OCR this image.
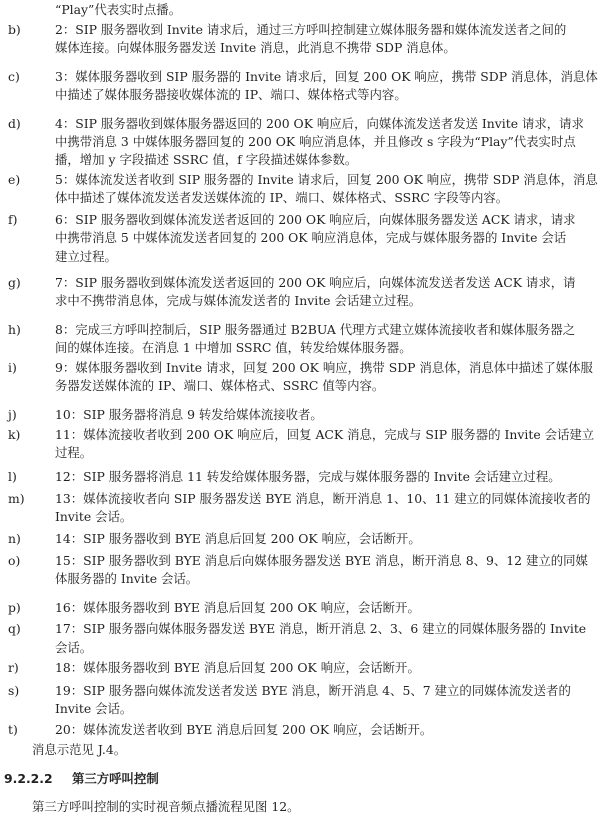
“Play”代表实时点播。
b)	2：SIP 服务器收到 Invite 请求后，通过三方呼叫控制建立媒体服务器和媒体流发送者之间的
媒体连接。向媒体服务器发送 Invite 消息，此消息不携带 SDP 消息体。
c)	3：媒体服务器收到 SIP 服务器的 Invite 请求后，回复 200 OK 响应，携带 SDP 消息体，消息体
中描述了媒体服务器接收媒体流的 IP、端口、媒体格式等内容。
d)	4：SIP 服务器收到媒体服务器返回的 200 OK 响应后，向媒体流发送者发送 Invite 请求，请求
中携带消息 3 中媒体服务器回复的 200 OK 响应消息体，并且修改 s 字段为“Play”代表实时点
播，增加 y 字段描述 SSRC 值，f 字段描述媒体参数。
e)	5：媒体流发送者收到 SIP 服务器的 Invite 请求后，回复 200 OK 响应，携带 SDP 消息体，消息
体中描述了媒体流发送者发送媒体流的 IP、端口、媒体格式、SSRC 字段等内容。
f)	6：SIP 服务器收到媒体流发送者返回的 200 OK 响应后，向媒体服务器发送 ACK 请求，请求
中携带消息 5 中媒体流发送者回复的 200 OK 响应消息体，完成与媒体服务器的 Invite 会话
建立过程。
g)	7：SIP 服务器收到媒体流发送者返回的 200 OK 响应后，向媒体流发送者发送 ACK 请求，请
求中不携带消息体，完成与媒体流发送者的 Invite 会话建立过程。
h)	8：完成三方呼叫控制后，SIP 服务器通过 B2BUA 代理方式建立媒体流接收者和媒体服务器之
间的媒体连接。在消息 1 中增加 SSRC 值，转发给媒体服务器。
i)	9：媒体服务器收到 Invite 请求，回复 200 OK 响应，携带 SDP 消息体，消息体中描述了媒体服
务器发送媒体流的 IP、端口、媒体格式、SSRC 值等内容。
j)	10：SIP 服务器将消息 9 转发给媒体流接收者。
k)	11：媒体流接收者收到 200 OK 响应后，回复 ACK 消息，完成与 SIP 服务器的 Invite 会话建立
过程。
l)	12：SIP 服务器将消息 11 转发给媒体服务器，完成与媒体服务器的 Invite 会话建立过程。
m) 13：媒体流接收者向 SIP 服务器发送 BYE 消息，断开消息 1、10、11 建立的同媒体流接收者的
Invite 会话。
n)	14：SIP 服务器收到 BYE 消息后回复 200 OK 响应，会话断开。
o)	15：SIP 服务器收到 BYE 消息后向媒体服务器发送 BYE 消息，断开消息 8、9、12 建立的同媒
体服务器的 Invite 会话。
p)	16：媒体服务器收到 BYE 消息后回复 200 OK 响应，会话断开。
q)	17：SIP 服务器向媒体服务器发送 BYE 消息，断开消息 2、3、6 建立的同媒体服务器的 Invite
会话。
r)	18：媒体服务器收到 BYE 消息后回复 200 OK 响应，会话断开。
s)	19：SIP 服务器向媒体流发送者发送 BYE 消息，断开消息 4、5、7 建立的同媒体流发送者的
Invite 会话。
t)	20：媒体流发送者收到 BYE 消息后回复 200 OK 响应，会话断开。
消息示范见 J.4。
9.2.2.2 第三方呼叫控制
第三方呼叫控制的实时视音频点播流程见图 12。
